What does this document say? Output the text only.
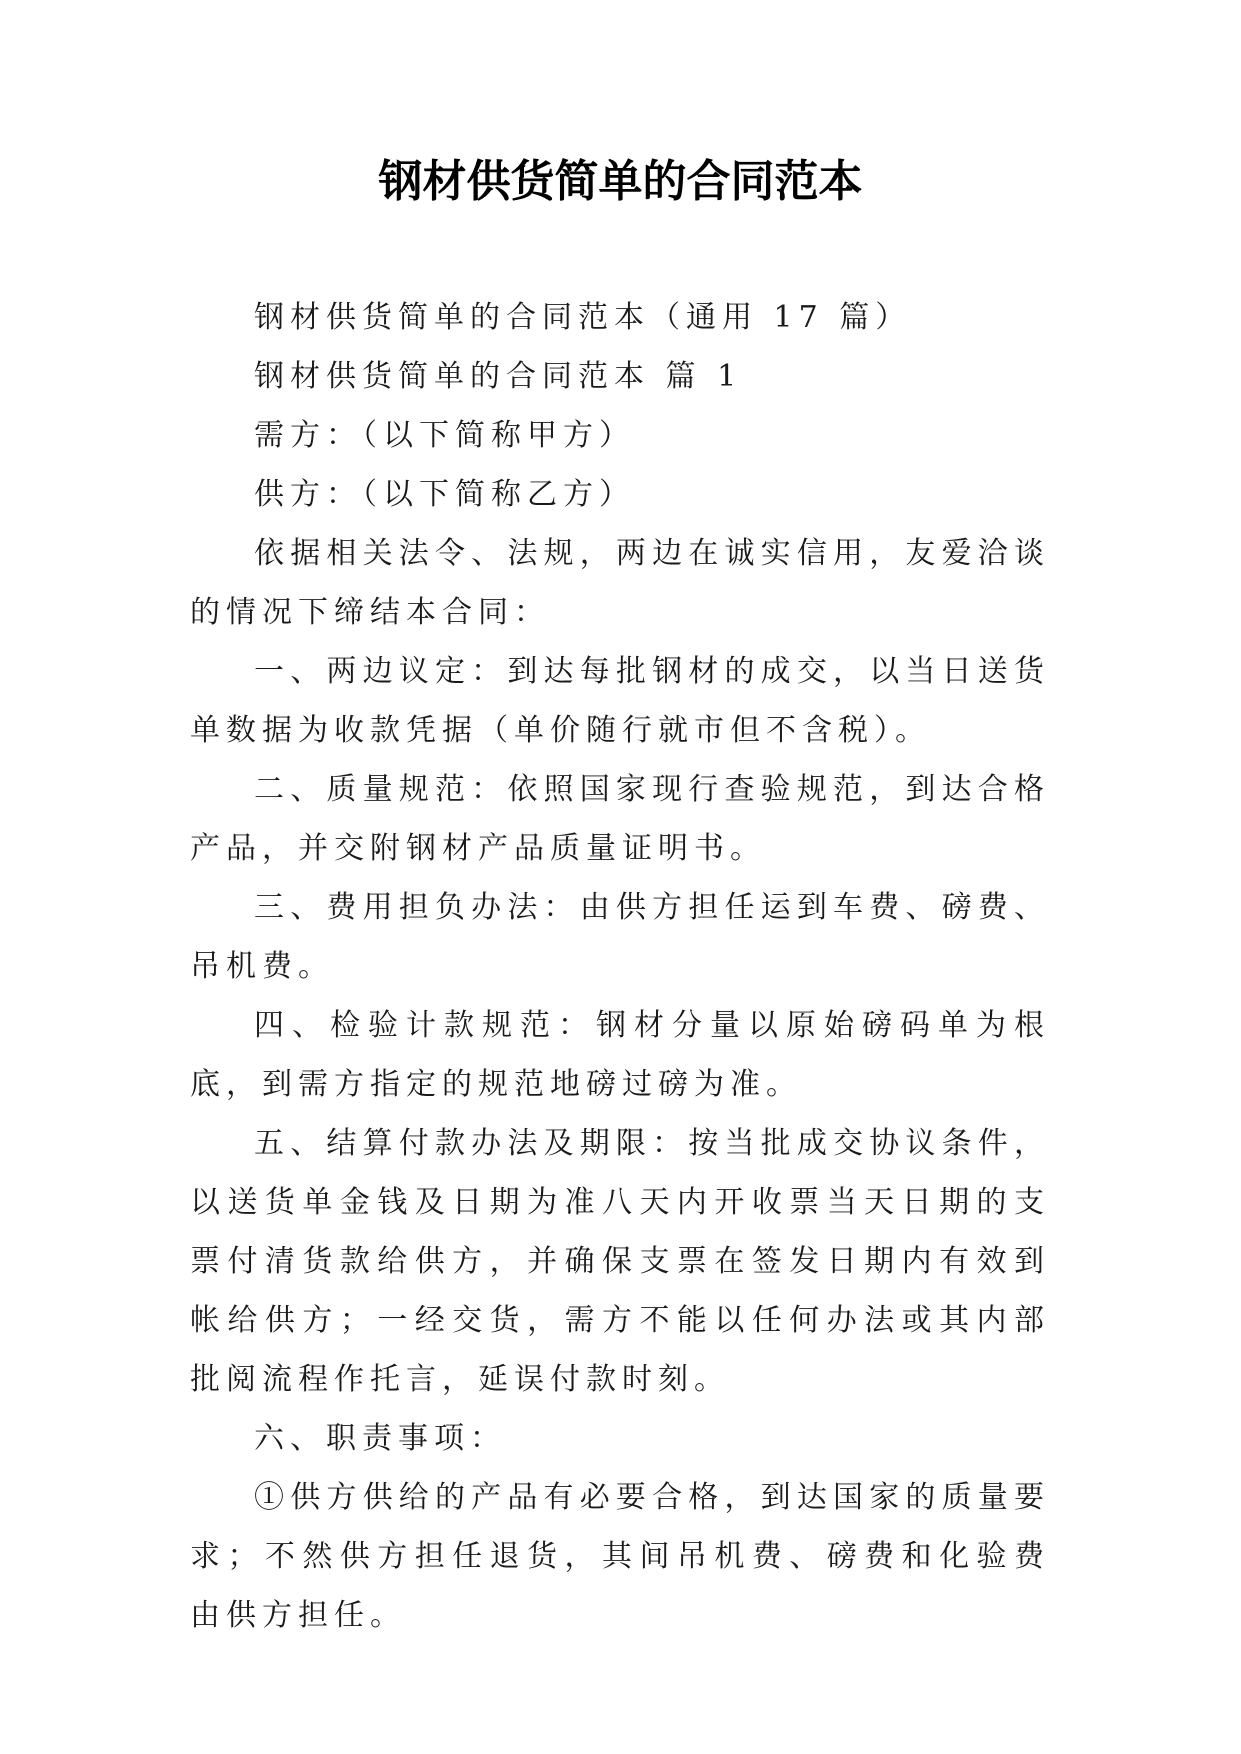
钢材供货简单的合同范本

钢材供货简单的合同范本（通用 17 篇）

钢材供货简单的合同范本 篇 1

需方：（以下简称甲方）

供方：（以下简称乙方）

依据相关法令、法规，两边在诚实信用，友爱洽谈的情况下缔结本合同：

一、两边议定：到达每批钢材的成交，以当日送货单数据为收款凭据（单价随行就市但不含税）。

二、质量规范：依照国家现行查验规范，到达合格产品，并交附钢材产品质量证明书。

三、费用担负办法：由供方担任运到车费、磅费、吊机费。

四、检验计款规范：钢材分量以原始磅码单为根底，到需方指定的规范地磅过磅为准。

五、结算付款办法及期限：按当批成交协议条件，以送货单金钱及日期为准八天内开收票当天日期的支票付清货款给供方，并确保支票在签发日期内有效到帐给供方；一经交货，需方不能以任何办法或其内部批阅流程作托言，延误付款时刻。

六、职责事项：

①供方供给的产品有必要合格，到达国家的质量要求；不然供方担任退货，其间吊机费、磅费和化验费由供方担任。
